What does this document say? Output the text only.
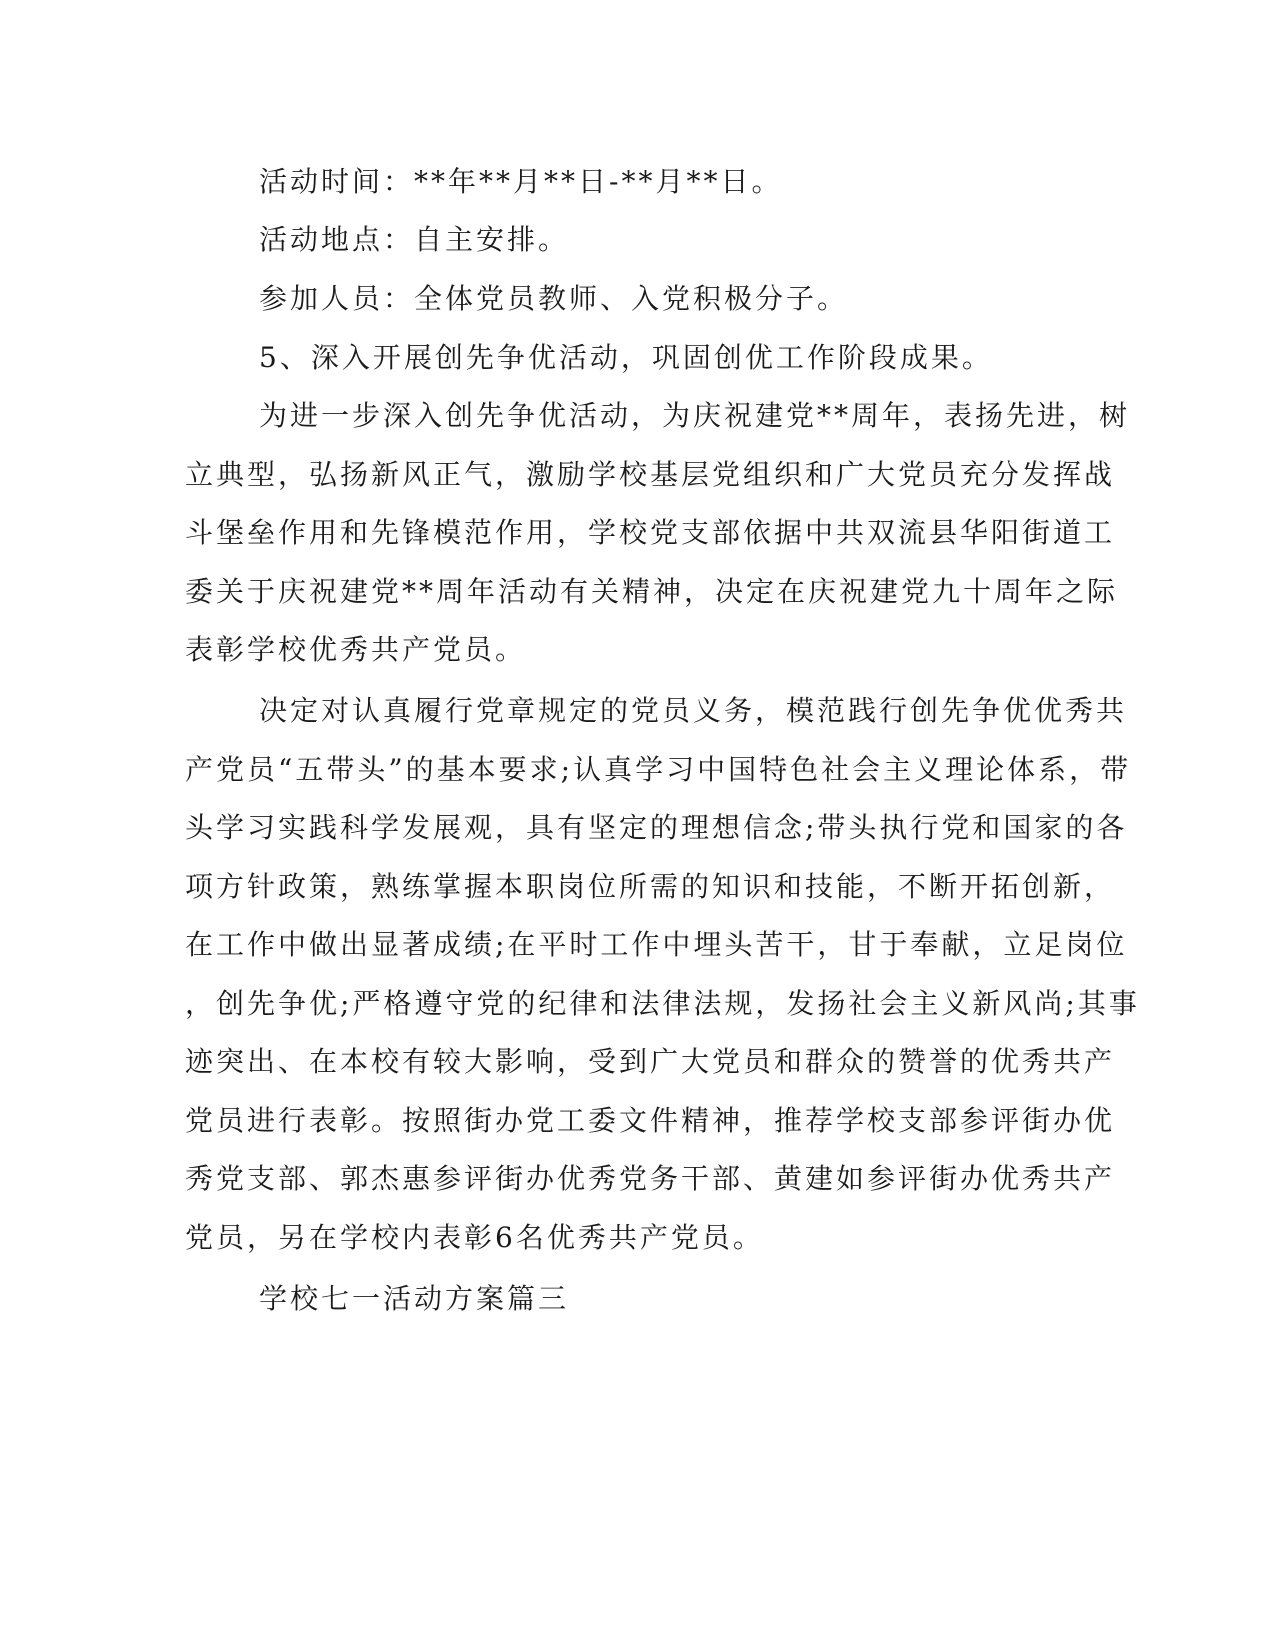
活动时间：**年**月**日-**月**日。
活动地点：自主安排。
参加人员：全体党员教师、入党积极分子。
5、深入开展创先争优活动，巩固创优工作阶段成果。
为进一步深入创先争优活动，为庆祝建党**周年，表扬先进，树
立典型，弘扬新风正气，激励学校基层党组织和广大党员充分发挥战
斗堡垒作用和先锋模范作用，学校党支部依据中共双流县华阳街道工
委关于庆祝建党**周年活动有关精神，决定在庆祝建党九十周年之际
表彰学校优秀共产党员。
决定对认真履行党章规定的党员义务，模范践行创先争优优秀共
产党员“五带头”的基本要求;认真学习中国特色社会主义理论体系，带
头学习实践科学发展观，具有坚定的理想信念;带头执行党和国家的各
项方针政策，熟练掌握本职岗位所需的知识和技能，不断开拓创新，
在工作中做出显著成绩;在平时工作中埋头苦干，甘于奉献，立足岗位
，创先争优;严格遵守党的纪律和法律法规，发扬社会主义新风尚;其事
迹突出、在本校有较大影响，受到广大党员和群众的赞誉的优秀共产
党员进行表彰。按照街办党工委文件精神，推荐学校支部参评街办优
秀党支部、郭杰惠参评街办优秀党务干部、黄建如参评街办优秀共产
党员，另在学校内表彰6名优秀共产党员。
学校七一活动方案篇三
